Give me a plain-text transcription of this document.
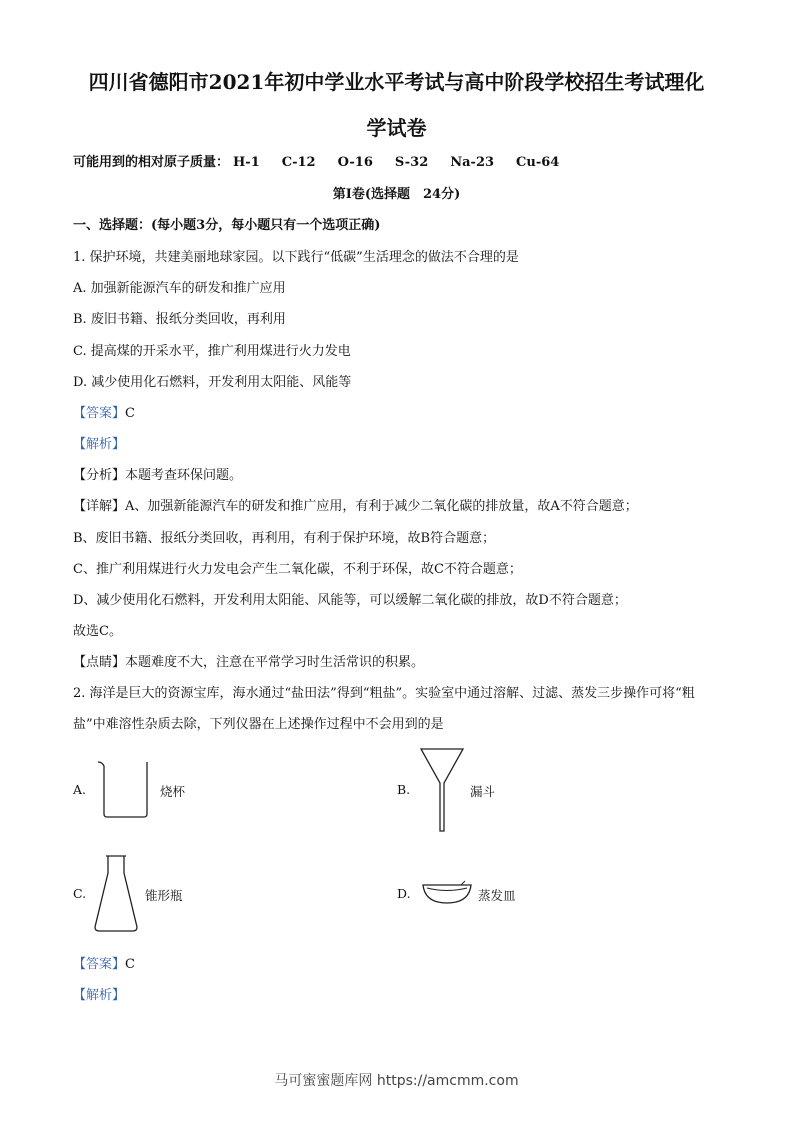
四川省德阳市2021年初中学业水平考试与高中阶段学校招生考试理化
学试卷
可能用到的相对原子质量： H-1 C-12 O-16 S-32 Na-23 Cu-64
第I卷(选择题　24分)
一、选择题：(每小题3分，每小题只有一个选项正确)
1. 保护环境，共建美丽地球家园。以下践行“低碳”生活理念的做法不合理的是
A. 加强新能源汽车的研发和推广应用
B. 废旧书籍、报纸分类回收，再利用
C. 提高煤的开采水平，推广利用煤进行火力发电
D. 减少使用化石燃料，开发利用太阳能、风能等
【答案】C
【解析】
【分析】本题考查环保问题。
【详解】A、加强新能源汽车的研发和推广应用，有利于减少二氧化碳的排放量，故A不符合题意；
B、废旧书籍、报纸分类回收，再利用，有利于保护环境，故B符合题意；
C、推广利用煤进行火力发电会产生二氧化碳，不利于环保，故C不符合题意；
D、减少使用化石燃料，开发利用太阳能、风能等，可以缓解二氧化碳的排放，故D不符合题意；
故选C。
【点睛】本题难度不大，注意在平常学习时生活常识的积累。
2. 海洋是巨大的资源宝库，海水通过“盐田法”得到“粗盐”。实验室中通过溶解、过滤、蒸发三步操作可将“粗
盐”中难溶性杂质去除，下列仪器在上述操作过程中不会用到的是
A.	烧杯	B.	漏斗
C.	锥形瓶	D.	蒸发皿
【答案】C
【解析】
马可蜜蜜题库网 https://amcmm.com
